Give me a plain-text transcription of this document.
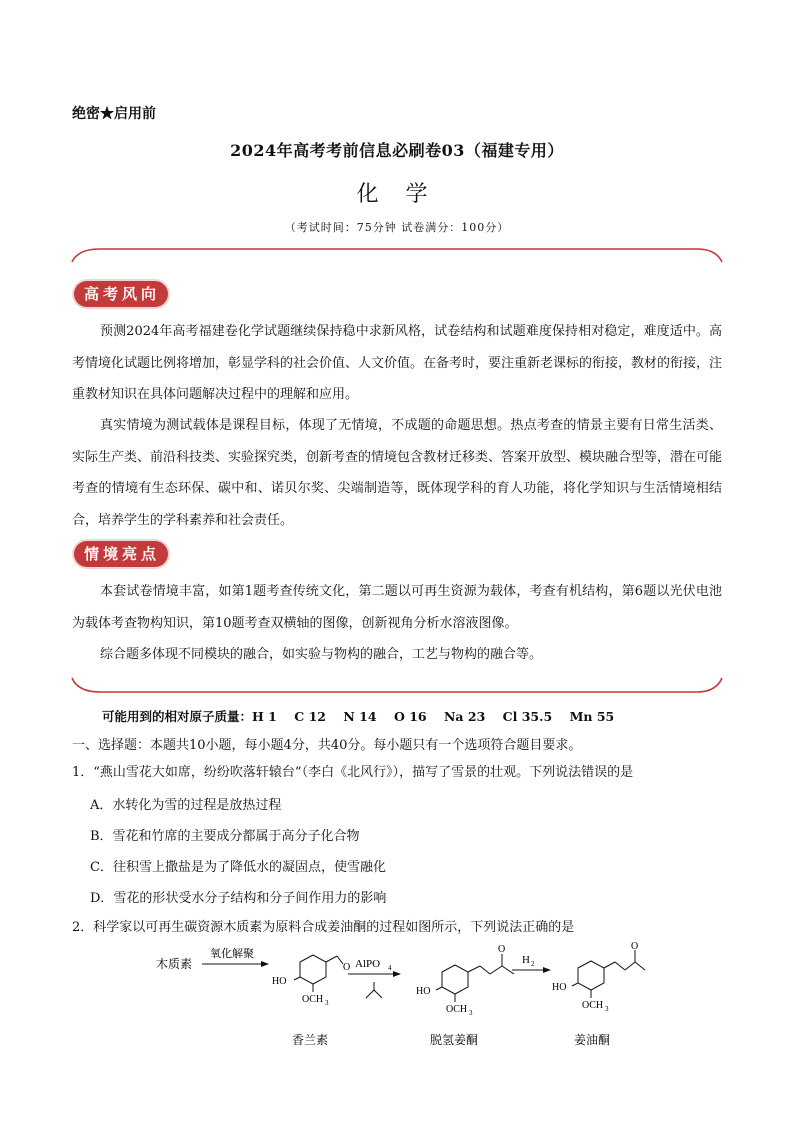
绝密★启用前
2024年高考考前信息必刷卷03（福建专用）
化 学
（考试时间：75分钟 试卷满分：100分）
高考风向
预测2024年高考福建卷化学试题继续保持稳中求新风格，试卷结构和试题难度保持相对稳定，难度适中。高考情境化试题比例将增加，彰显学科的社会价值、人文价值。在备考时，要注重新老课标的衔接，教材的衔接，注重教材知识在具体问题解决过程中的理解和应用。
真实情境为测试载体是课程目标，体现了无情境，不成题的命题思想。热点考查的情景主要有日常生活类、实际生产类、前沿科技类、实验探究类，创新考查的情境包含教材迁移类、答案开放型、模块融合型等，潜在可能考查的情境有生态环保、碳中和、诺贝尔奖、尖端制造等，既体现学科的育人功能，将化学知识与生活情境相结合，培养学生的学科素养和社会责任。
情境亮点
本套试卷情境丰富，如第1题考查传统文化，第二题以可再生资源为载体，考查有机结构，第6题以光伏电池为载体考查物构知识，第10题考查双横轴的图像，创新视角分析水溶液图像。
综合题多体现不同模块的融合，如实验与物构的融合，工艺与物构的融合等。
可能用到的相对原子质量：H 1    C 12    N 14    O 16    Na 23    Cl 35.5    Mn 55
一、选择题：本题共10小题，每小题4分，共40分。每小题只有一个选项符合题目要求。
1．“燕山雪花大如席，纷纷吹落轩辕台”（李白《北风行》），描写了雪景的壮观。下列说法错误的是
A．水转化为雪的过程是放热过程
B．雪花和竹席的主要成分都属于高分子化合物
C．往积雪上撒盐是为了降低水的凝固点，使雪融化
D．雪花的形状受水分子结构和分子间作用力的影响
2．科学家以可再生碳资源木质素为原料合成姜油酮的过程如图所示，下列说法正确的是
木质素
氧化解聚
O
HO
OCH 3
香兰素
AlPO 4
O
HO
OCH 3
脱氢姜酮
H 2
O
HO
OCH 3
姜油酮
